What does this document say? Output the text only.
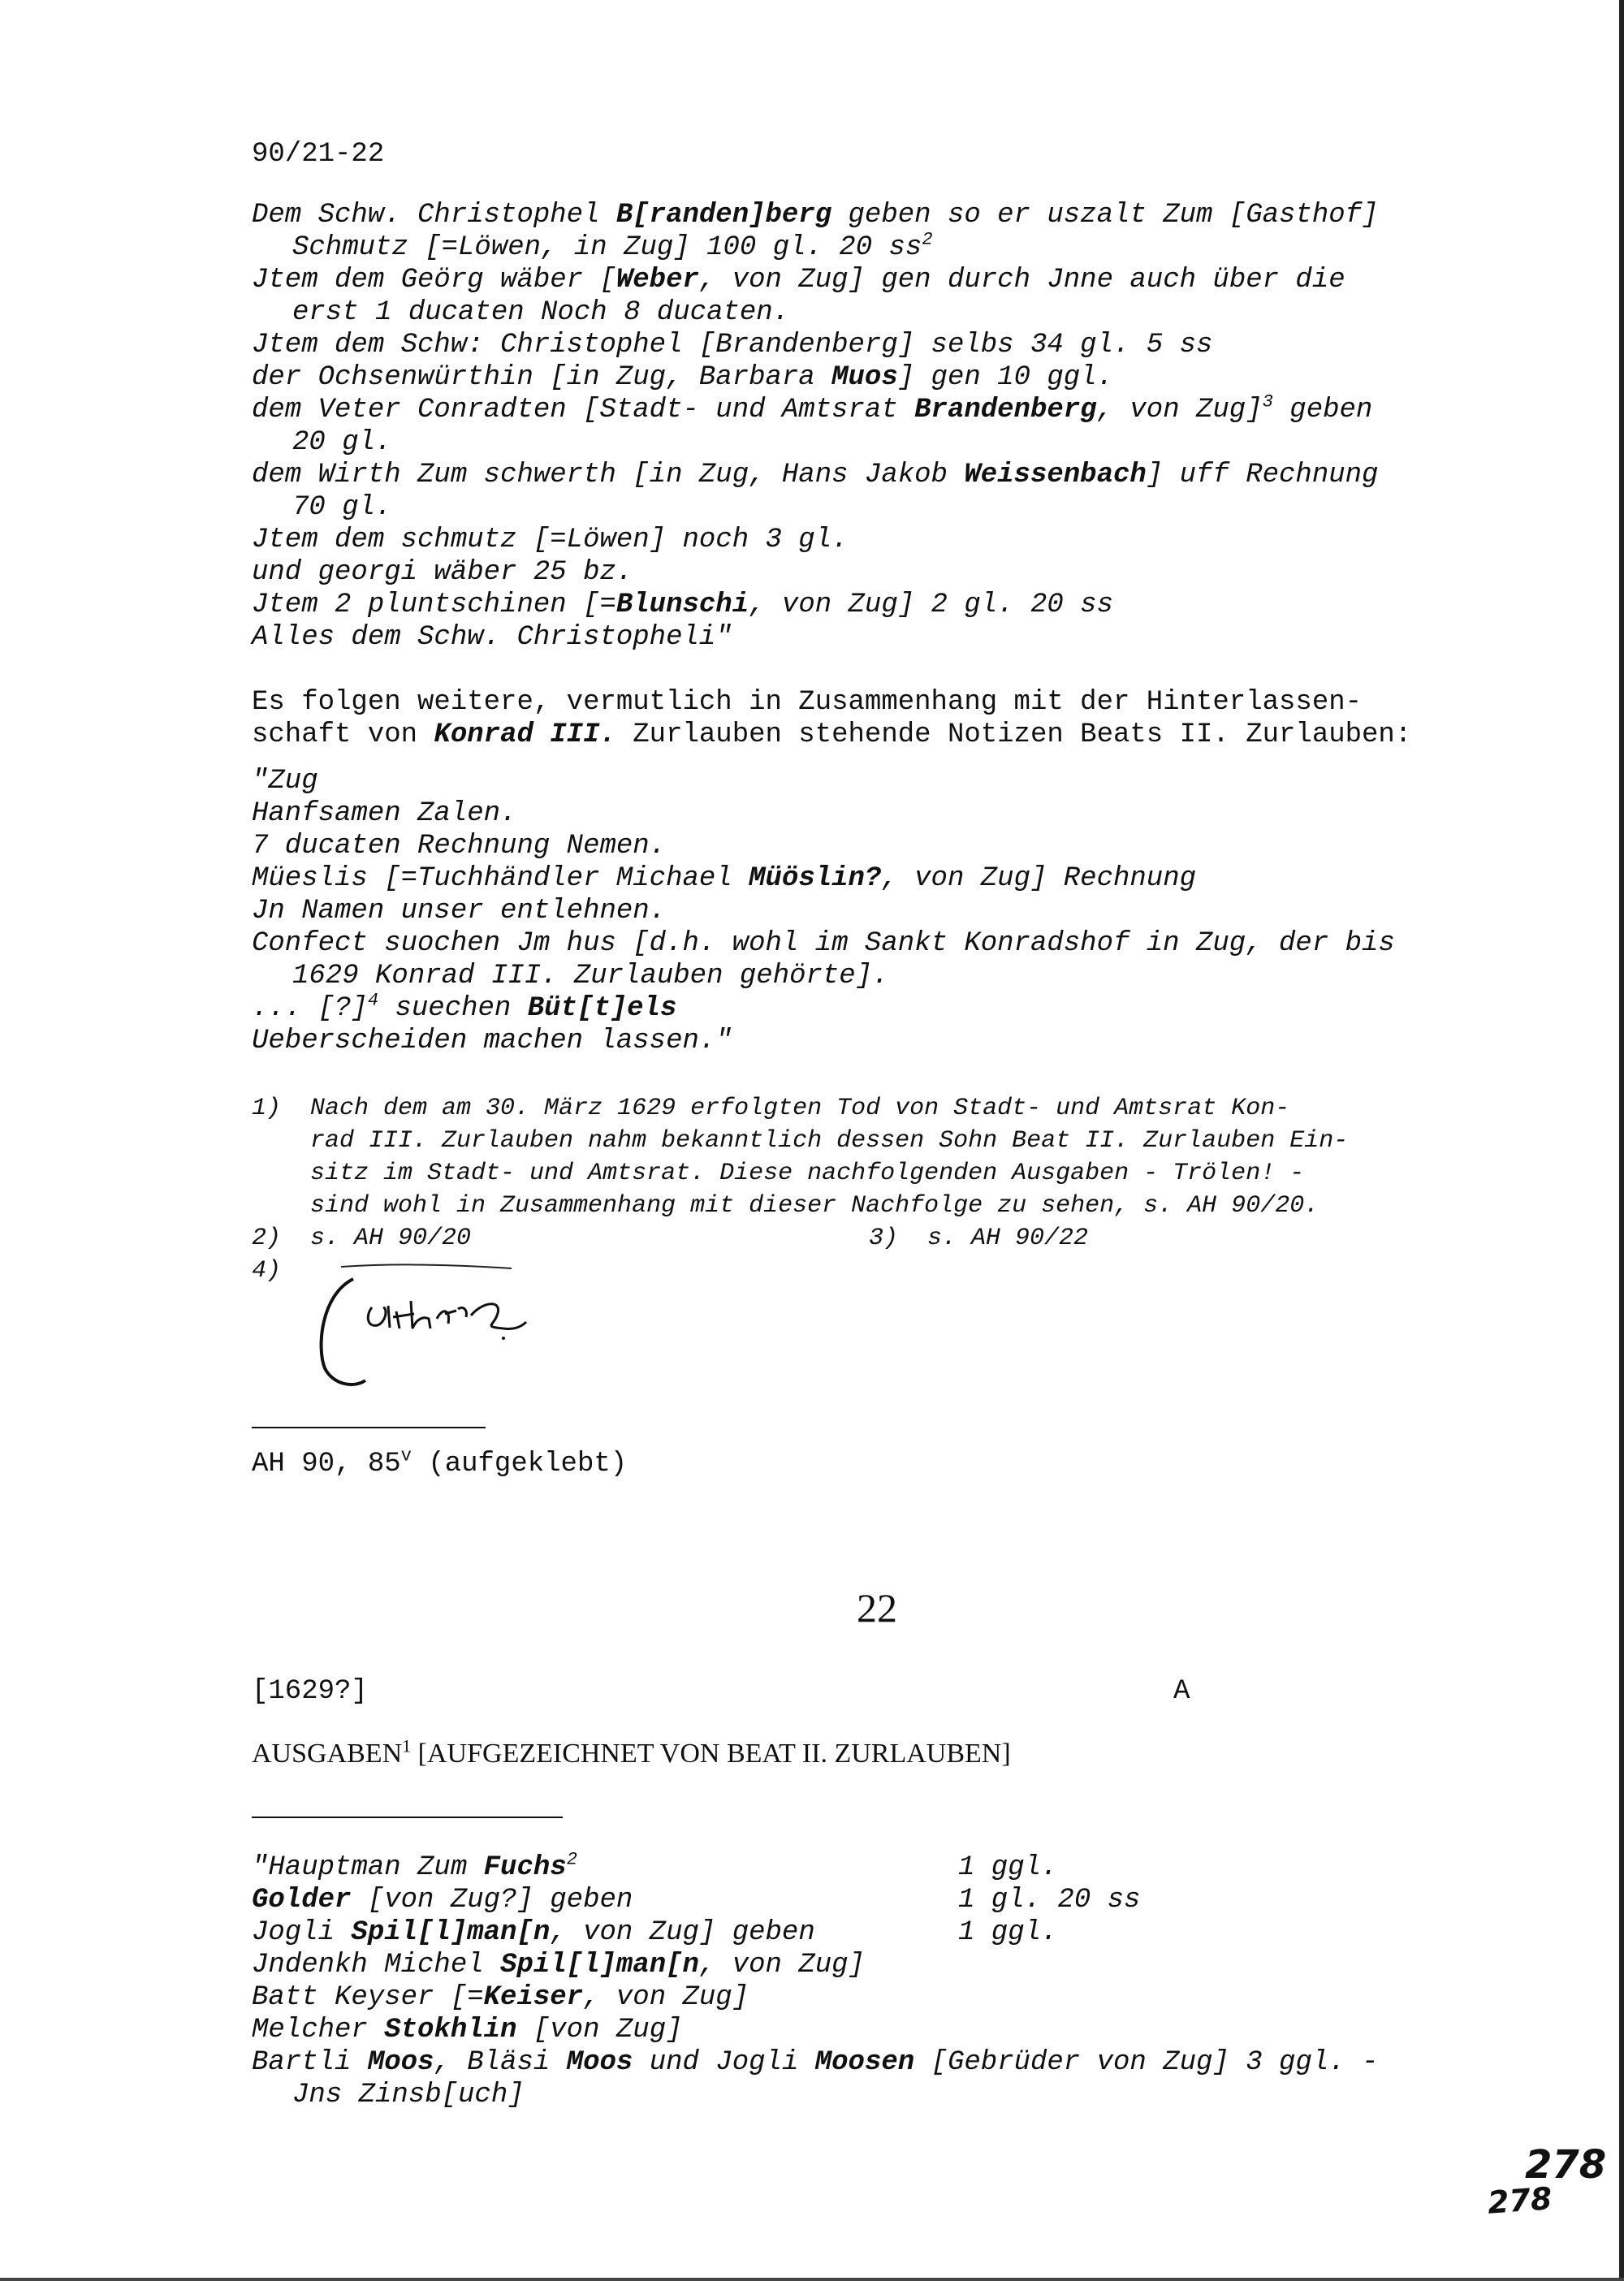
90/21-22
Dem Schw. Christophel B[randen]berg geben so er uszalt Zum [Gasthof]
Schmutz [=Löwen, in Zug] 100 gl. 20 $ss^2$
Jtem dem Geörg wäber [Weber, von Zug] gen durch Jnne auch über die
erst 1 ducaten Noch 8 ducaten.
Jtem dem Schw: Christophel [Brandenberg] selbs 34 gl. 5 ss
der Ochsenwürthin [in Zug, Barbara Muos] gen 10 ggl.
dem Veter Conradten [Stadt- und Amtsrat Brandenberg, von Zug]$^3$ geben
20 gl.
dem Wirth Zum schwerth [in Zug, Hans Jakob Weissenbach] uff Rechnung
70 gl.
Jtem dem schmutz [=Löwen] noch 3 gl.
und georgi wäber 25 bz.
Jtem 2 pluntschinen [=Blunschi, von Zug] 2 gl. 20 ss
Alles dem Schw. Christopheli"
Es folgen weitere, vermutlich in Zusammenhang mit der Hinterlassen-
schaft von Konrad III. Zurlauben stehende Notizen Beats II. Zurlauben:
"Zug
Hanfsamen Zalen.
7 ducaten Rechnung Nemen.
Müeslis [=Tuchhändler Michael Müöslin?, von Zug] Rechnung
Jn Namen unser entlehnen.
Confect suochen Jm hus [d.h. wohl im Sankt Konradshof in Zug, der bis
1629 Konrad III. Zurlauben gehörte].
... [?]$^4$ suechen Büt[t]els
Ueberscheiden machen lassen."
1)  Nach dem am 30. März 1629 erfolgten Tod von Stadt- und Amtsrat Kon-
rad III. Zurlauben nahm bekanntlich dessen Sohn Beat II. Zurlauben Ein-
sitz im Stadt- und Amtsrat. Diese nachfolgenden Ausgaben - Trölen! -
sind wohl in Zusammenhang mit dieser Nachfolge zu sehen, s. AH 90/20.
2)  s. AH 90/20	3)  s. AH 90/22
4)
AH 90, 85$^v$ (aufgeklebt)
22
[1629?]	A
AUSGABEN$^1$ [AUFGEZEICHNET VON BEAT II. ZURLAUBEN]
"Hauptman Zum Fuchs$^2$	1 ggl.
Golder [von Zug?] geben	1 gl. 20 ss
Jogli Spil[l]man[n, von Zug] geben	1 ggl.
Jndenkh Michel Spil[l]man[n, von Zug]
Batt Keyser [=Keiser, von Zug]
Melcher Stokhlin [von Zug]
Bartli Moos, Bläsi Moos und Jogli Moosen [Gebrüder von Zug] 3 ggl. -
Jns Zinsb[uch]
278
278
